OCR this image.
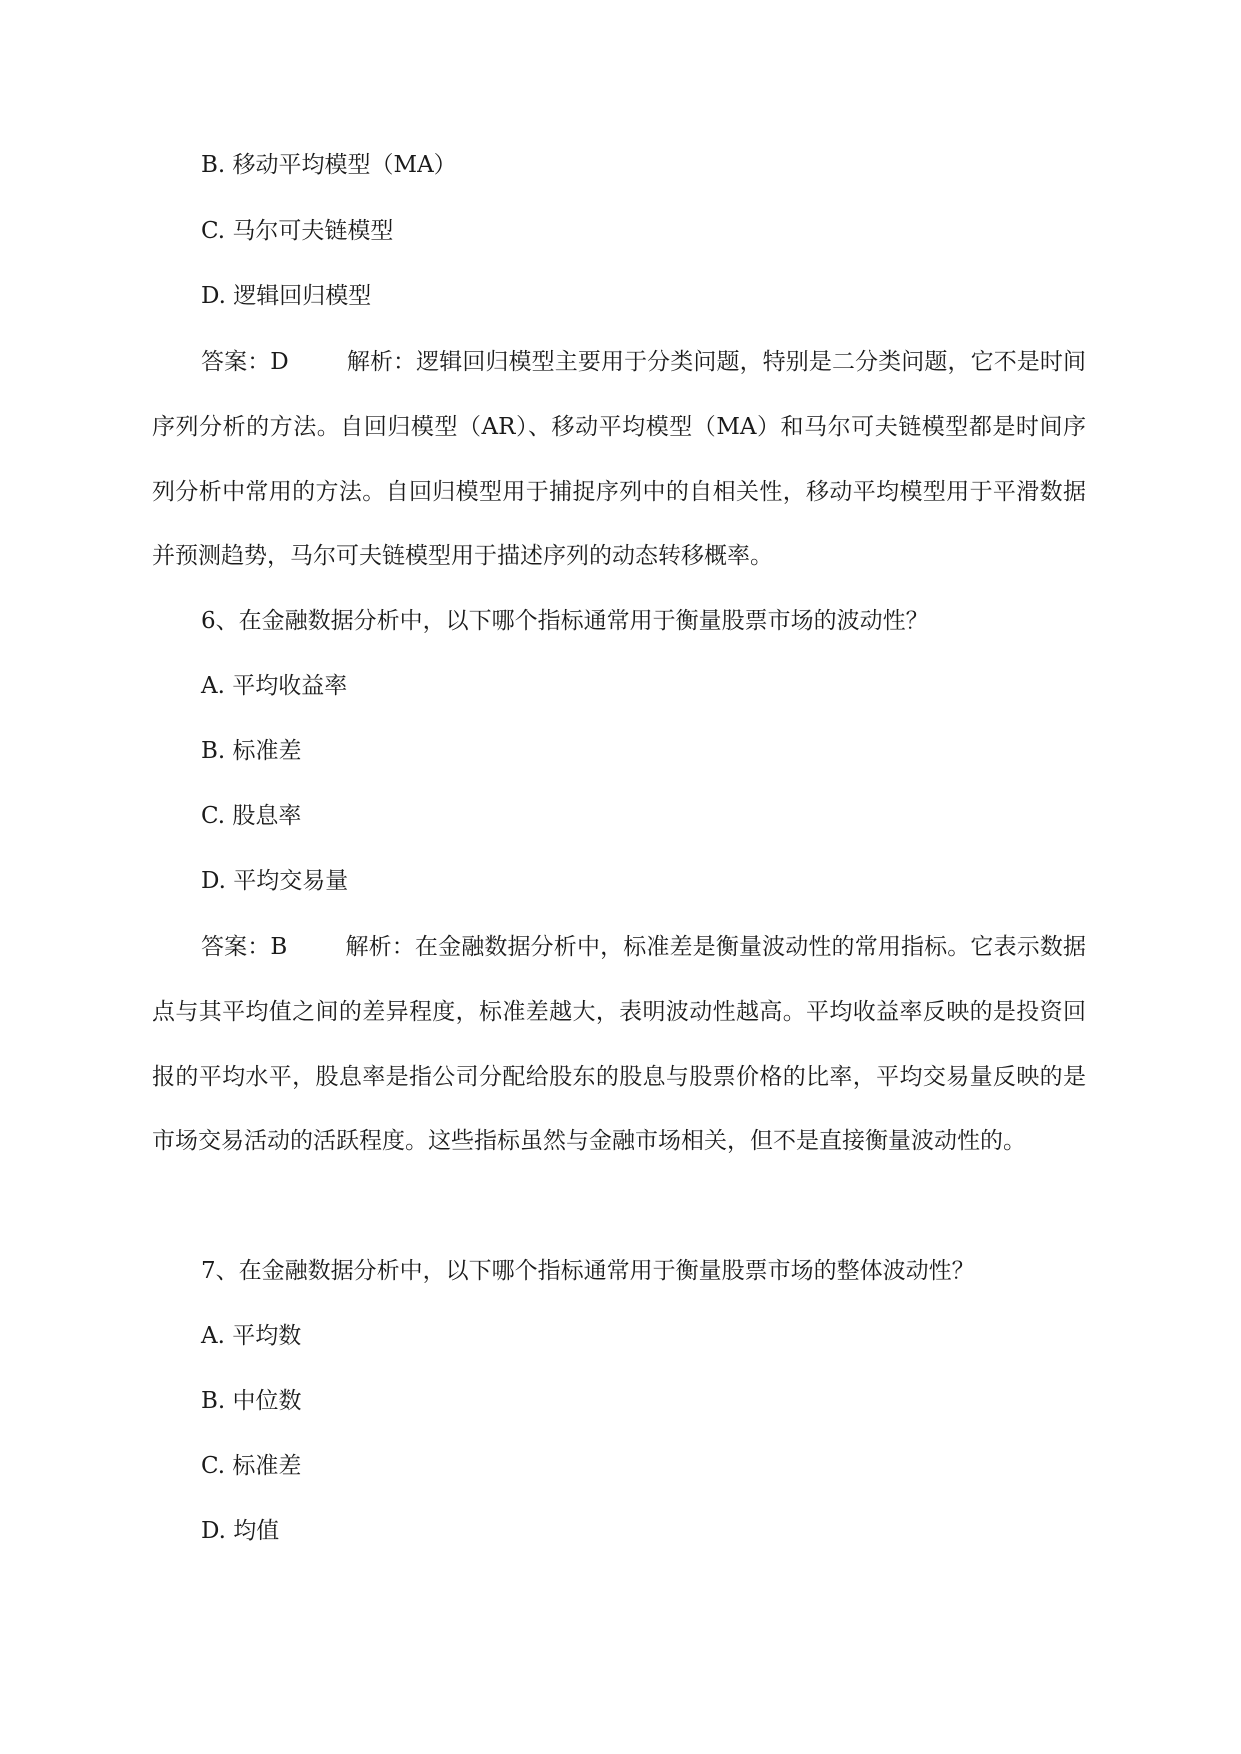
B. 移动平均模型（MA）
C. 马尔可夫链模型
D. 逻辑回归模型
答案：D	解析：逻辑回归模型主要用于分类问题，特别是二分类问题，它不是时间序列分析的方法。自回归模型（AR）、移动平均模型（MA）和马尔可夫链模型都是时间序列分析中常用的方法。自回归模型用于捕捉序列中的自相关性，移动平均模型用于平滑数据并预测趋势，马尔可夫链模型用于描述序列的动态转移概率。
6、在金融数据分析中，以下哪个指标通常用于衡量股票市场的波动性？
A. 平均收益率
B. 标准差
C. 股息率
D. 平均交易量
答案：B	解析：在金融数据分析中，标准差是衡量波动性的常用指标。它表示数据点与其平均值之间的差异程度，标准差越大，表明波动性越高。平均收益率反映的是投资回报的平均水平，股息率是指公司分配给股东的股息与股票价格的比率，平均交易量反映的是市场交易活动的活跃程度。这些指标虽然与金融市场相关，但不是直接衡量波动性的。
7、在金融数据分析中，以下哪个指标通常用于衡量股票市场的整体波动性？
A. 平均数
B. 中位数
C. 标准差
D. 均值
